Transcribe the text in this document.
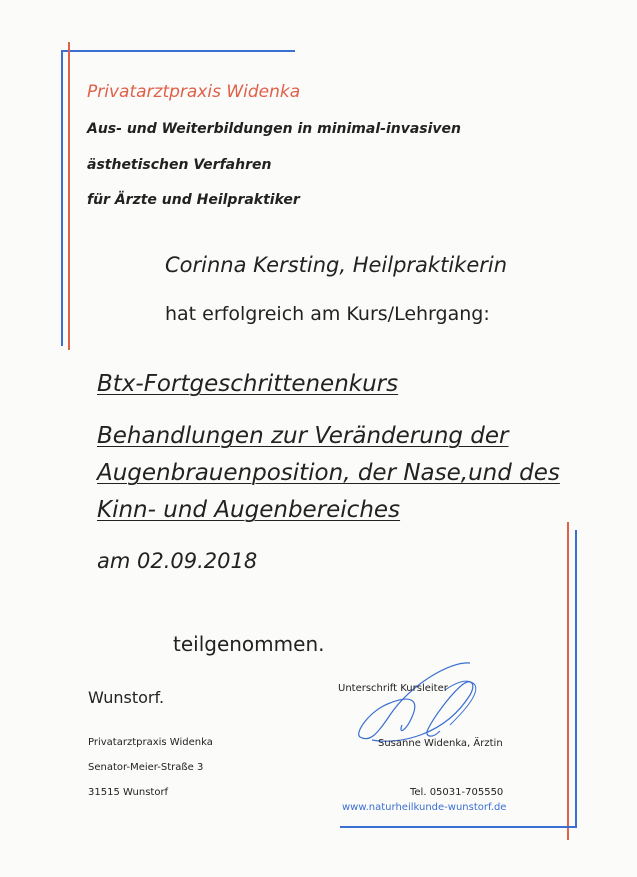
Privatarztpraxis Widenka
Aus- und Weiterbildungen in minimal-invasiven
ästhetischen Verfahren
für Ärzte und Heilpraktiker
Corinna Kersting, Heilpraktikerin
hat erfolgreich am Kurs/Lehrgang:
Btx-Fortgeschrittenenkurs
Behandlungen zur Veränderung der
Augenbrauenposition, der Nase,und des
Kinn- und Augenbereiches
am 02.09.2018
teilgenommen.
Wunstorf.
Privatarztpraxis Widenka
Senator-Meier-Straße 3
31515 Wunstorf
Unterschrift Kursleiter
Susanne Widenka, Ärztin
Tel. 05031-705550
www.naturheilkunde-wunstorf.de
